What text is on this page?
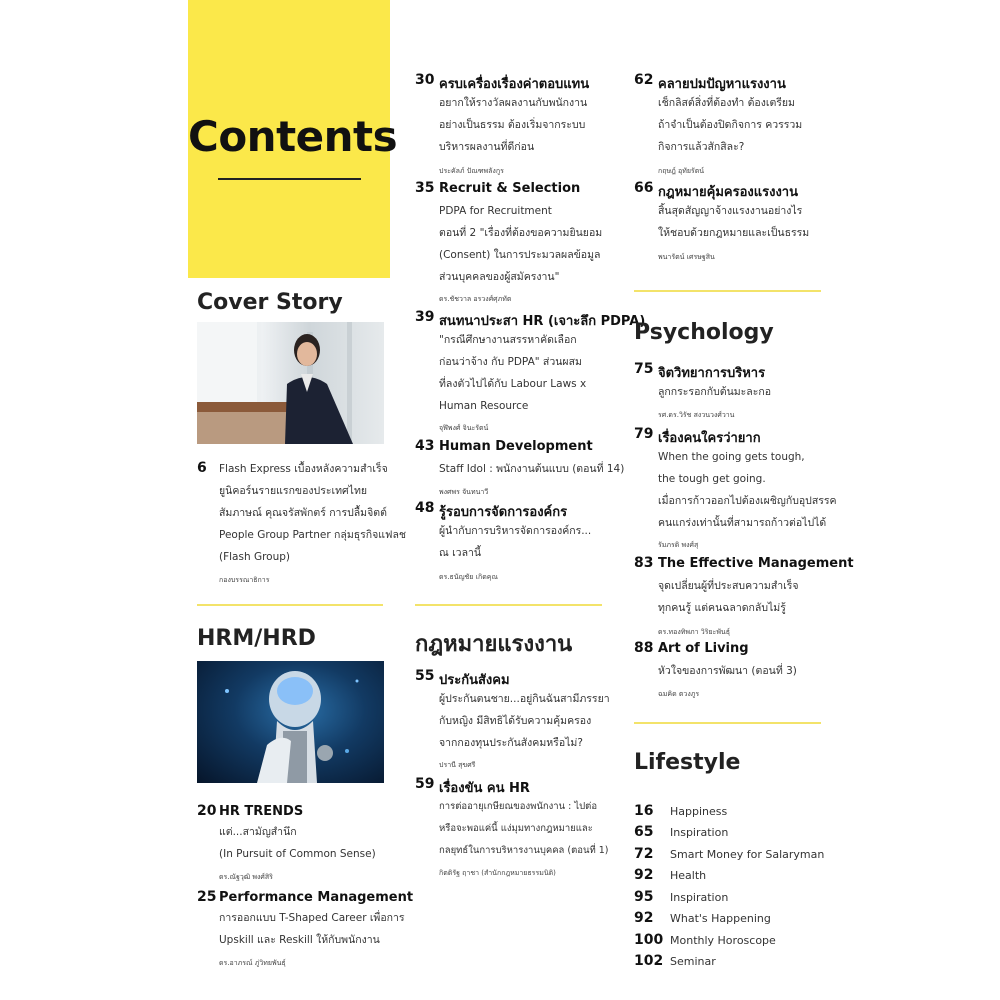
Contents
Cover Story
6 Flash Express เบื้องหลังความสำเร็จ
ยูนิคอร์นรายแรกของประเทศไทย
สัมภาษณ์ คุณจรัสพักตร์ การปลื้มจิตต์
People Group Partner กลุ่มธุรกิจแฟลช
(Flash Group)
กองบรรณาธิการ
HRM/HRD
20 HR TRENDS
แต่...สามัญสำนึก
(In Pursuit of Common Sense)
ดร.ณัฐวุฒิ พงศ์สิริ
25 Performance Management
การออกแบบ T-Shaped Career เพื่อการ
Upskill และ Reskill ให้กับพนักงาน
ดร.อาภรณ์ ภู่วิทยพันธุ์
30 ครบเครื่องเรื่องค่าตอบแทน
อยากให้รางวัลผลงานกับพนักงาน
อย่างเป็นธรรม ต้องเริ่มจากระบบ
บริหารผลงานที่ดีก่อน
ประคัลภ์ ปัณฑพลังกูร
35 Recruit & Selection
PDPA for Recruitment
ตอนที่ 2 "เรื่องที่ต้องขอความยินยอม
(Consent) ในการประมวลผลข้อมูล
ส่วนบุคคลของผู้สมัครงาน"
ดร.ชัชวาล อรวงศ์ศุภทัต
39 สนทนาประสา HR (เจาะลึก PDPA)
"กรณีศึกษางานสรรหาคัดเลือก
ก่อนว่าจ้าง กับ PDPA" ส่วนผสม
ที่ลงตัวไปได้กับ Labour Laws x
Human Resource
จุฬิพงศ์ จินะรัตน์
43 Human Development
Staff Idol : พนักงานต้นแบบ (ตอนที่ 14)
พงศพร จันทนาวี
48 รู้รอบการจัดการองค์กร
ผู้นำกับการบริหารจัดการองค์กร...
ณ เวลานี้
ดร.ธนัญชัย เกิดคุณ
กฎหมายแรงงาน
55 ประกันสังคม
ผู้ประกันตนชาย...อยู่กินฉันสามีภรรยา
กับหญิง มีสิทธิได้รับความคุ้มครอง
จากกองทุนประกันสังคมหรือไม่?
ปรานี สุขศรี
59 เรื่องขัน คน HR
การต่ออายุเกษียณของพนักงาน : ไปต่อ
หรือจะพอแค่นี้ แง่มุมทางกฎหมายและ
กลยุทธ์ในการบริหารงานบุคคล (ตอนที่ 1)
กิตติรัฐ ฤาชา (สำนักกฎหมายธรรมนิติ)
62 คลายปมปัญหาแรงงาน
เช็กลิสต์สิ่งที่ต้องทำ ต้องเตรียม
ถ้าจำเป็นต้องปิดกิจการ ควรรวม
กิจการแล้วสักสิละ?
กฤษฎ์ อุทัยรัตน์
66 กฎหมายคุ้มครองแรงงาน
สิ้นสุดสัญญาจ้างแรงงานอย่างไร
ให้ชอบด้วยกฎหมายและเป็นธรรม
พนารัตน์ เศรษฐสิน
Psychology
75 จิตวิทยาการบริหาร
ลูกกระรอกกับต้นมะละกอ
รศ.ดร.วิรัช สงวนวงศ์วาน
79 เรื่องคนใครว่ายาก
When the going gets tough,
the tough get going.
เมื่อการก้าวออกไปต้องเผชิญกับอุปสรรค
คนแกร่งเท่านั้นที่สามารถก้าวต่อไปได้
รัมภรดิ พงศ์สุ
83 The Effective Management
จุดเปลี่ยนผู้ที่ประสบความสำเร็จ
ทุกคนรู้ แต่คนฉลาดกลับไม่รู้
ดร.ทองทิพภา วิริยะพันธุ์
88 Art of Living
หัวใจของการพัฒนา (ตอนที่ 3)
ฉมคิด ตวงภูร
Lifestyle
16 Happiness
65 Inspiration
72 Smart Money for Salaryman
92 Health
95 Inspiration
92 What's Happening
100 Monthly Horoscope
102 Seminar
